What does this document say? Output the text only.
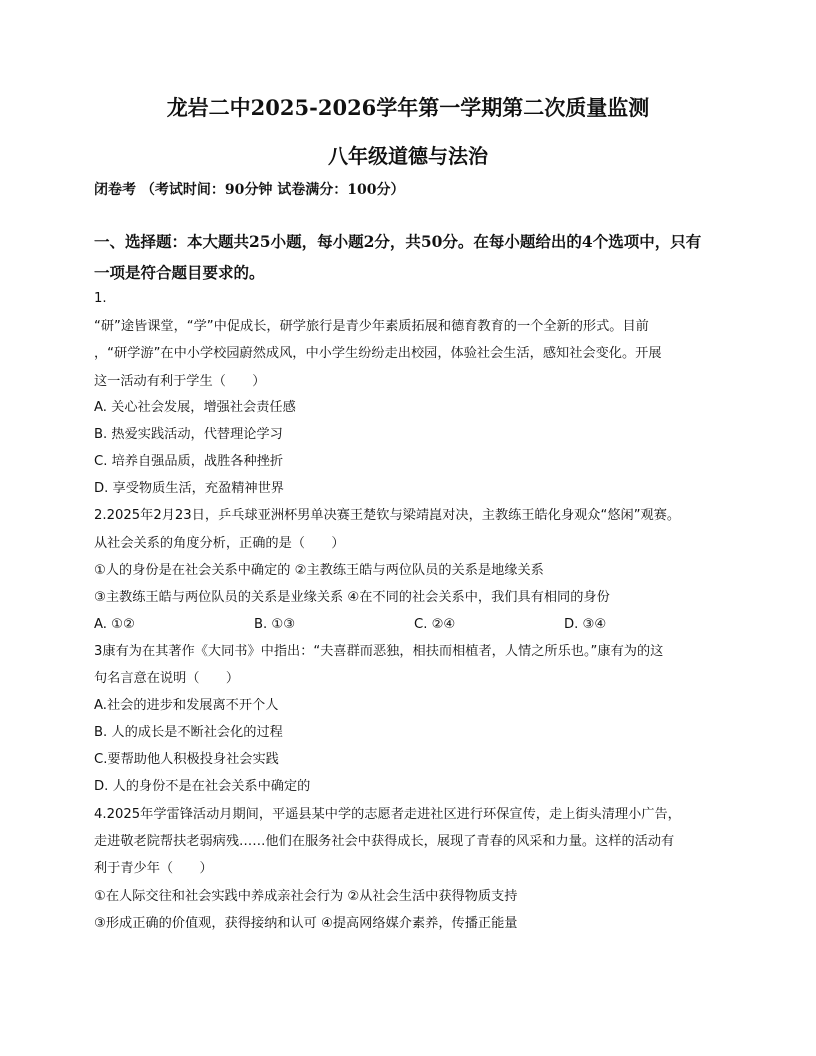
龙岩二中2025-2026学年第一学期第二次质量监测
八年级道德与法治
闭卷考 （考试时间：90分钟 试卷满分：100分）
一、选择题：本大题共25小题，每小题2分，共50分。在每小题给出的4个选项中，只有
一项是符合题目要求的。
1.
“研”途皆课堂，“学”中促成长，研学旅行是青少年素质拓展和德育教育的一个全新的形式。目前
，“研学游”在中小学校园蔚然成风，中小学生纷纷走出校园，体验社会生活，感知社会变化。开展
这一活动有利于学生（　　）
A. 关心社会发展，增强社会责任感
B. 热爱实践活动，代替理论学习
C. 培养自强品质，战胜各种挫折
D. 享受物质生活，充盈精神世界
2.2025年2月23日，乒乓球亚洲杯男单决赛王楚钦与梁靖崑对决，主教练王皓化身观众“悠闲”观赛。
从社会关系的角度分析，正确的是（　　）
①人的身份是在社会关系中确定的 ②主教练王皓与两位队员的关系是地缘关系
③主教练王皓与两位队员的关系是业缘关系 ④在不同的社会关系中，我们具有相同的身份
A. ①②	B. ①③	C. ②④	D. ③④
3康有为在其著作《大同书》中指出：“夫喜群而恶独，相扶而相植者，人情之所乐也。”康有为的这
句名言意在说明（　　）
A.社会的进步和发展离不开个人
B. 人的成长是不断社会化的过程
C.要帮助他人积极投身社会实践
D. 人的身份不是在社会关系中确定的
4.2025年学雷锋活动月期间，平遥县某中学的志愿者走进社区进行环保宣传，走上街头清理小广告，
走进敬老院帮扶老弱病残……他们在服务社会中获得成长，展现了青春的风采和力量。这样的活动有
利于青少年（　　）
①在人际交往和社会实践中养成亲社会行为 ②从社会生活中获得物质支持
③形成正确的价值观，获得接纳和认可 ④提高网络媒介素养，传播正能量
